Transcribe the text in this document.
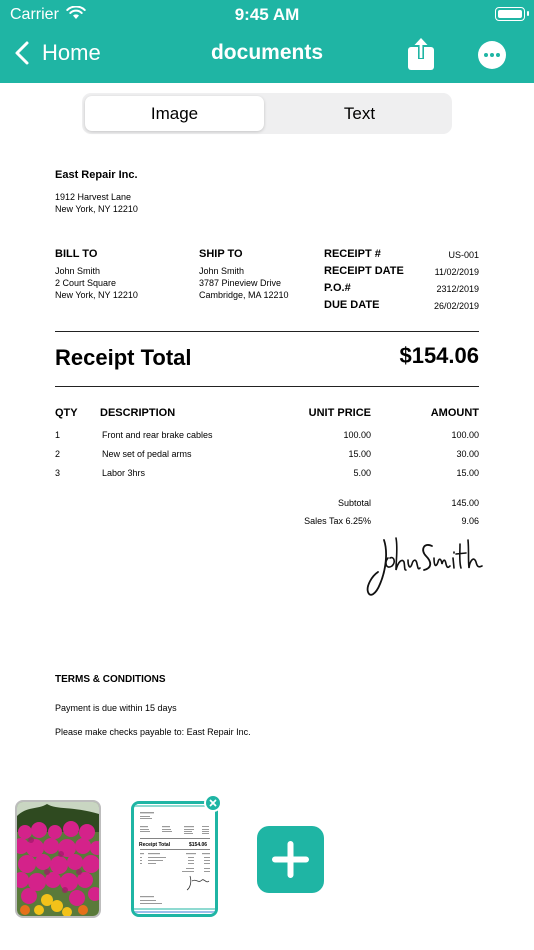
Carrier	9:45 AM
Home	documents
Image	Text
East Repair Inc.
1912 Harvest Lane
New York, NY 12210
BILL TO
John Smith
2 Court Square
New York, NY 12210
SHIP TO
John Smith
3787 Pineview Drive
Cambridge, MA 12210
RECEIPT #	US-001
RECEIPT DATE	11/02/2019
P.O.#	2312/2019
DUE DATE	26/02/2019
Receipt Total	$154.06
QTY DESCRIPTION	UNIT PRICE	AMOUNT
1	Front and rear brake cables	100.00	100.00
2	New set of pedal arms	15.00	30.00
3	Labor 3hrs	5.00	15.00
Subtotal	145.00
Sales Tax 6.25%	9.06
TERMS & CONDITIONS
Payment is due within 15 days
Please make checks payable to: East Repair Inc.
Receipt Total	$154.06
